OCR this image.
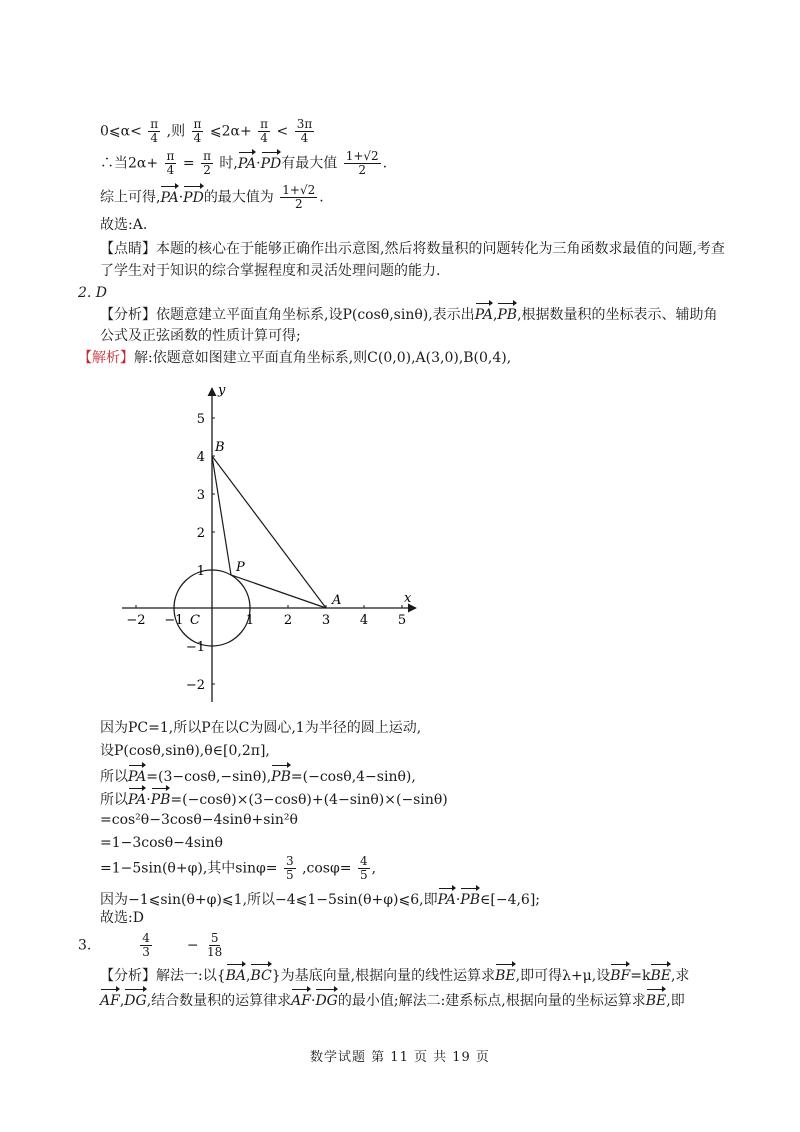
0⩽α< $\frac{\pi}{4}$ ,则 $\frac{\pi}{4}$ ⩽2α+ $\frac{\pi}{4} < \frac{3\pi}{4}$
∴当$2\alpha+ \frac{\pi}{4} = \frac{\pi}{2}$ 时,PA·PD有最大值 $\frac{1+√2}{2}$ .
综上可得,PA·PD的最大值为 $\frac{1+√2}{2}$ .
故选:A.
【点睛】本题的核心在于能够正确作出示意图,然后将数量积的问题转化为三角函数求最值的问题,考查
了学生对于知识的综合掌握程度和灵活处理问题的能力.
2. D
【分析】依题意建立平面直角坐标系,设P(cosθ,sinθ),表示出PA,PB,根据数量积的坐标表示、辅助角
公式及正弦函数的性质计算可得;
【解析】解:依题意如图建立平面直角坐标系,则C(0,0),A(3,0),B(0,4),
x
y
−2 −1	1 2 3 4 5
5
4
3
2
1
−1
−2
C
A
B
P
因为PC=1,所以P在以C为圆心,1为半径的圆上运动,
设P(cosθ,sinθ),θ∈[0,2π],
所以PA=(3−cosθ,−sinθ),PB=(−cosθ,4−sinθ),
所以PA·PB=(−cosθ)×(3−cosθ)+(4−sinθ)×(−sinθ)
=cos²θ−3cosθ−4sinθ+sin²θ
=1−3cosθ−4sinθ
=1−5sin(θ+φ),其中$\sin\varphi= \frac{3}{5} ,\cos\varphi= \frac{4}{5}$ ,
因为−1⩽sin(θ+φ)⩽1,所以−4⩽1−5sin(θ+φ)⩽6,即PA·PB∈[−4,6];
故选:D
3.	$\frac{4}{3} - \frac{5}{18}$
【分析】解法一:以{BA,BC}为基底向量,根据向量的线性运算求BE,即可得λ+μ,设BF=kBE,求
AF,DG,结合数量积的运算律求AF·DG的最小值;解法二:建系标点,根据向量的坐标运算求BE,即
数学试题 第 11 页 共 19 页
